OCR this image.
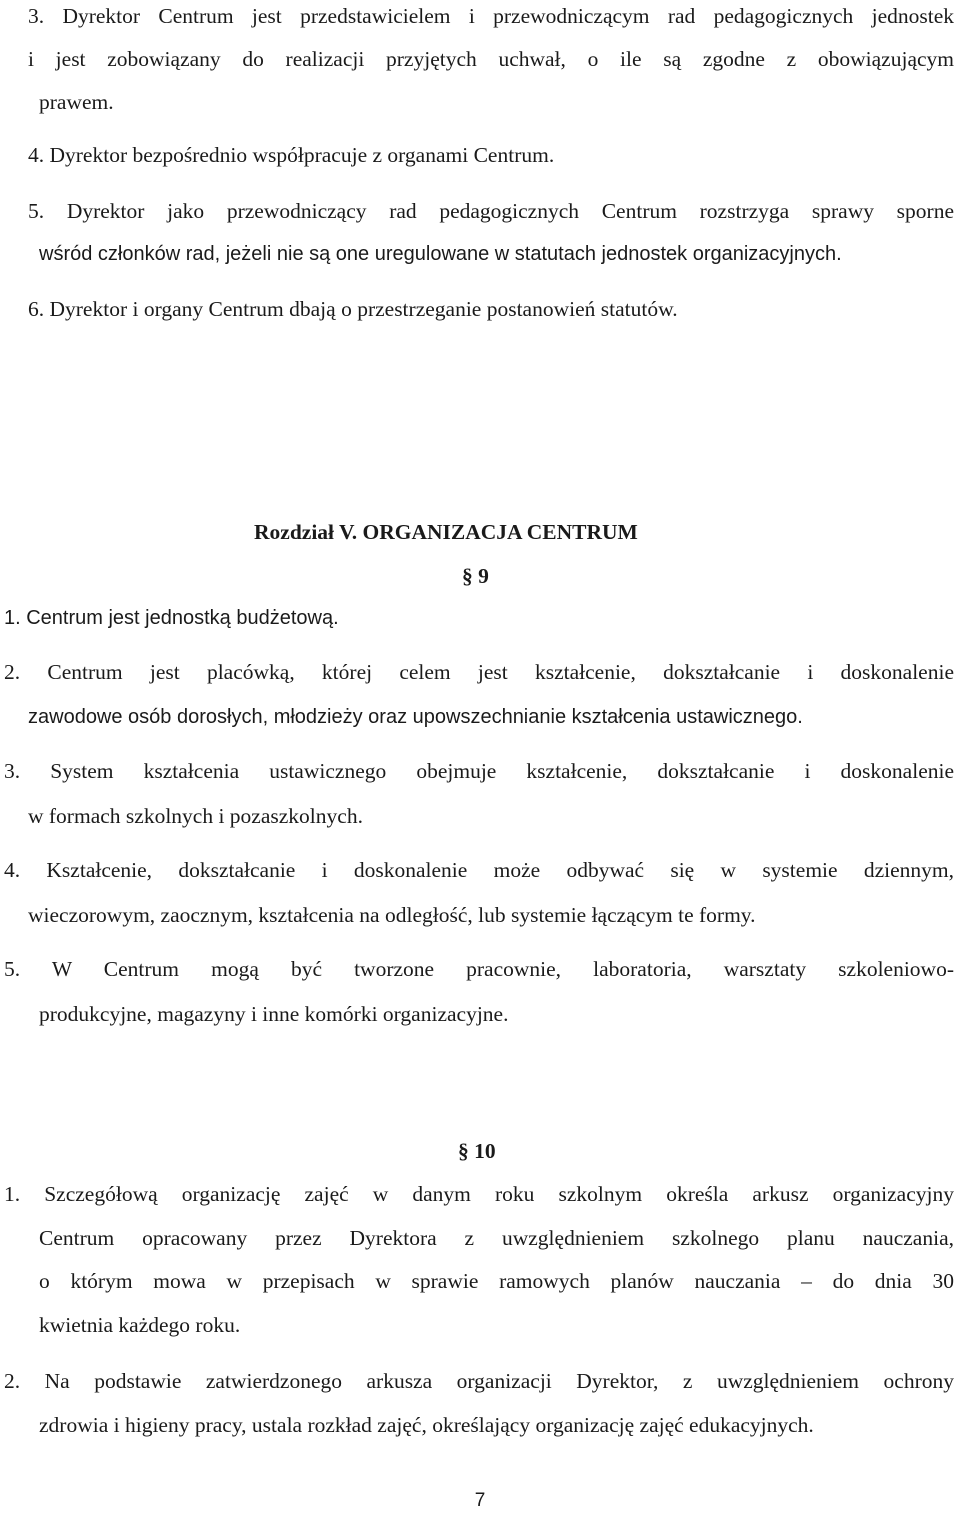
3. Dyrektor Centrum jest przedstawicielem i przewodniczącym rad pedagogicznych jednostek
i jest zobowiązany do realizacji przyjętych uchwał, o ile są zgodne z obowiązującym
prawem.
4. Dyrektor bezpośrednio współpracuje z organami Centrum.
5. Dyrektor jako przewodniczący rad pedagogicznych Centrum rozstrzyga sprawy sporne
wśród członków rad, jeżeli nie są one uregulowane w statutach jednostek organizacyjnych.
6. Dyrektor i organy Centrum dbają o przestrzeganie postanowień statutów.
Rozdział V. ORGANIZACJA CENTRUM
§ 9
1. Centrum jest jednostką budżetową.
2. Centrum jest placówką, której celem jest kształcenie, dokształcanie i doskonalenie
zawodowe osób dorosłych, młodzieży oraz upowszechnianie kształcenia ustawicznego.
3. System kształcenia ustawicznego obejmuje kształcenie, dokształcanie i doskonalenie
w formach szkolnych i pozaszkolnych.
4. Kształcenie, dokształcanie i doskonalenie może odbywać się w systemie dziennym,
wieczorowym, zaocznym, kształcenia na odległość, lub systemie łączącym te formy.
5. W Centrum mogą być tworzone pracownie, laboratoria, warsztaty szkoleniowo-
produkcyjne, magazyny i inne komórki organizacyjne.
§ 10
1. Szczegółową organizację zajęć w danym roku szkolnym określa arkusz organizacyjny
Centrum opracowany przez Dyrektora z uwzględnieniem szkolnego planu nauczania,
o którym mowa w przepisach w sprawie ramowych planów nauczania – do dnia 30
kwietnia każdego roku.
2. Na podstawie zatwierdzonego arkusza organizacji Dyrektor, z uwzględnieniem ochrony
zdrowia i higieny pracy, ustala rozkład zajęć, określający organizację zajęć edukacyjnych.
7
